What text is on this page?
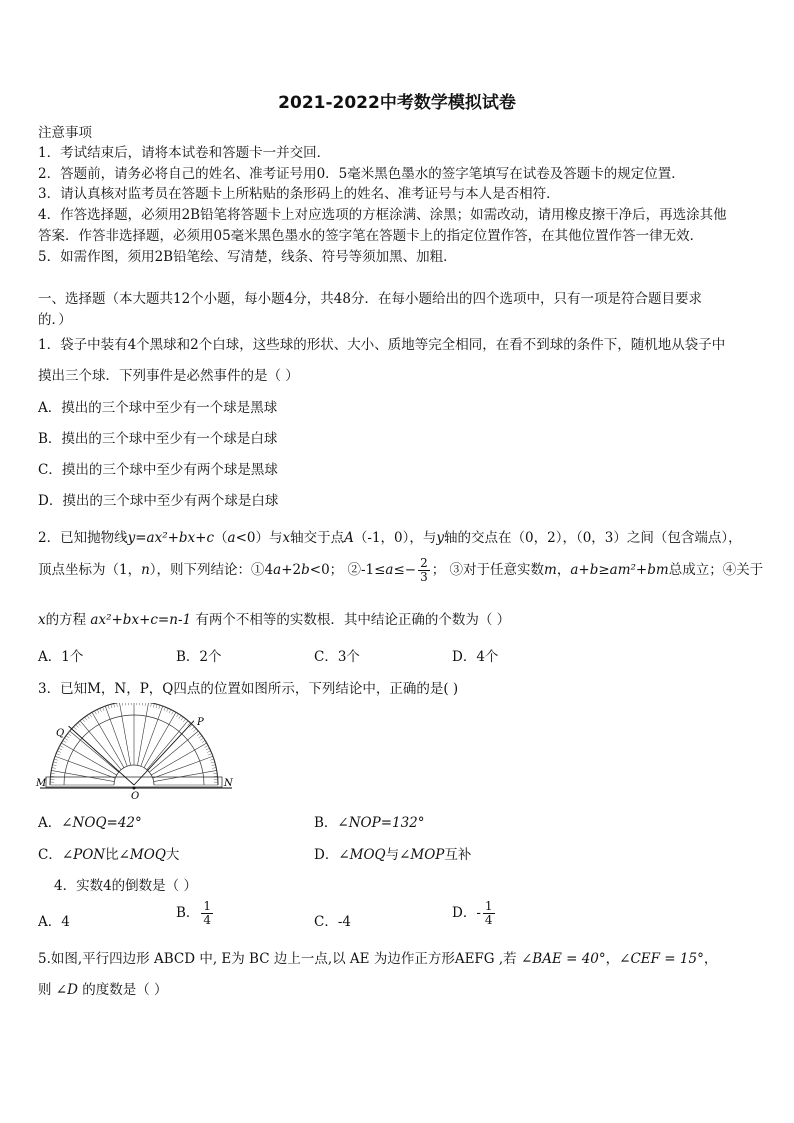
2021-2022中考数学模拟试卷
注意事项
1．考试结束后，请将本试卷和答题卡一并交回．
2．答题前，请务必将自己的姓名、准考证号用0．5毫米黑色墨水的签字笔填写在试卷及答题卡的规定位置．
3．请认真核对监考员在答题卡上所粘贴的条形码上的姓名、准考证号与本人是否相符．
4．作答选择题，必须用2B铅笔将答题卡上对应选项的方框涂满、涂黑；如需改动，请用橡皮擦干净后，再选涂其他
答案．作答非选择题，必须用05毫米黑色墨水的签字笔在答题卡上的指定位置作答，在其他位置作答一律无效．
5．如需作图，须用2B铅笔绘、写清楚，线条、符号等须加黑、加粗．
一、选择题（本大题共12个小题，每小题4分，共48分．在每小题给出的四个选项中，只有一项是符合题目要求
的．）
1．袋子中装有4个黑球和2个白球，这些球的形状、大小、质地等完全相同，在看不到球的条件下，随机地从袋子中
摸出三个球．下列事件是必然事件的是（ ）
A．摸出的三个球中至少有一个球是黑球
B．摸出的三个球中至少有一个球是白球
C．摸出的三个球中至少有两个球是黑球
D．摸出的三个球中至少有两个球是白球
2．已知抛物线y=ax²+bx+c（a<0）与x轴交于点A（-1，0），与y轴的交点在（0，2），（0，3）之间（包含端点），
顶点坐标为（1，n），则下列结论：①4a+2b<0； ②-1≤a≤− $\frac{2}{3}$ ； ③对于任意实数m，a+b≥am²+bm总成立；④关于
x的方程 ax²+bx+c=n-1 有两个不相等的实数根．其中结论正确的个数为（ ）
A．1个	B．2个	C．3个	D．4个
3．已知M，N，P，Q四点的位置如图所示，下列结论中，正确的是( )
M	N
O
P
Q
A．∠NOQ=42°	B．∠NOP=132°
C．∠PON比∠MOQ大	D．∠MOQ与∠MOP互补
4．实数4的倒数是（ ）
A．4
B． $\frac{1}{4}$	C．-4
D．- $\frac{1}{4}$
5.如图,平行四边形 ABCD 中, E为 BC 边上一点,以 AE 为边作正方形AEFG ,若 ∠BAE = 40°，∠CEF = 15°，
则 ∠D 的度数是（ ）
